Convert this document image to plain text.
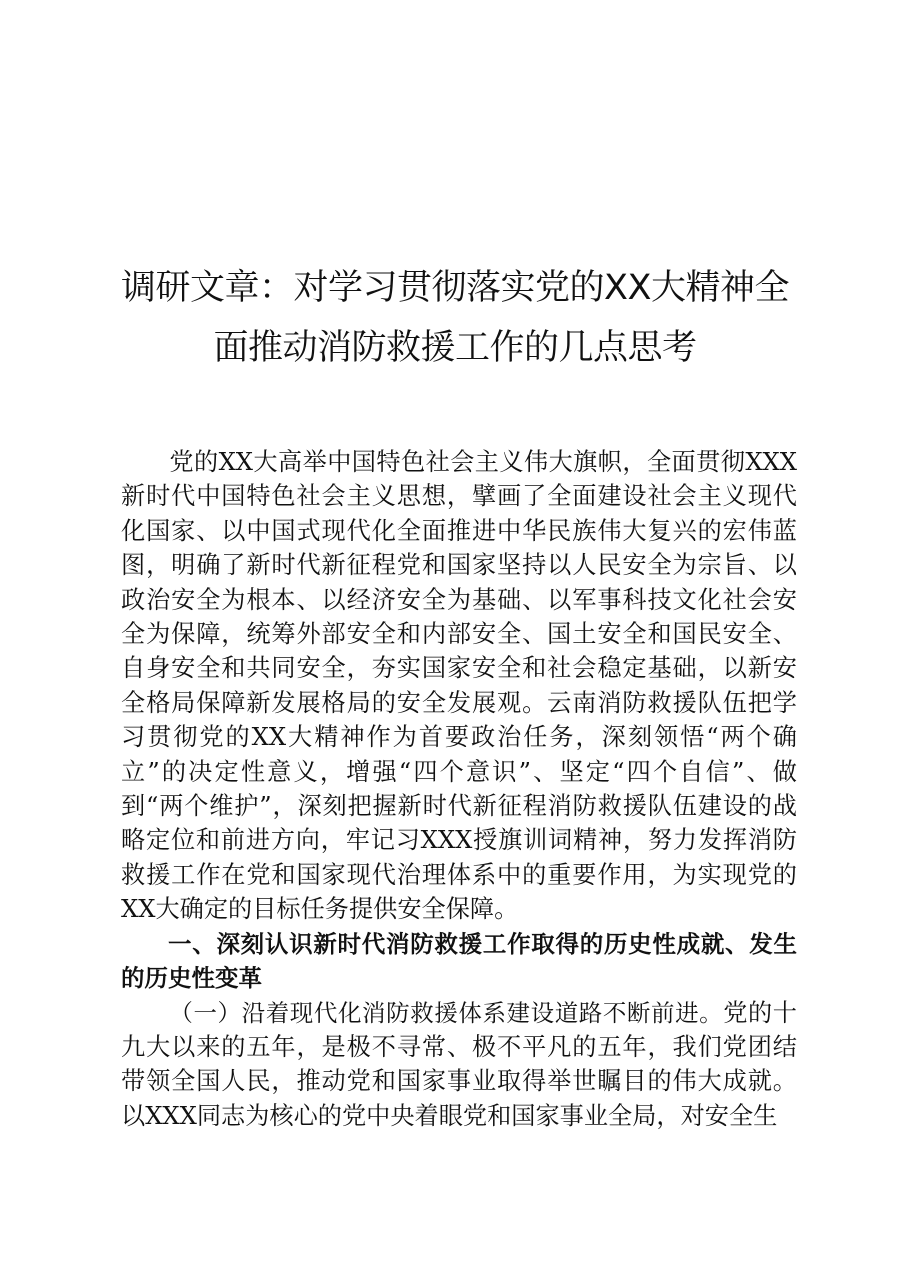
调研文章：对学习贯彻落实党的XX大精神全
面推动消防救援工作的几点思考

党的XX大高举中国特色社会主义伟大旗帜，全面贯彻XXX新时代中国特色社会主义思想，擘画了全面建设社会主义现代化国家、以中国式现代化全面推进中华民族伟大复兴的宏伟蓝图，明确了新时代新征程党和国家坚持以人民安全为宗旨、以政治安全为根本、以经济安全为基础、以军事科技文化社会安全为保障，统筹外部安全和内部安全、国土安全和国民安全、自身安全和共同安全，夯实国家安全和社会稳定基础，以新安全格局保障新发展格局的安全发展观。云南消防救援队伍把学习贯彻党的XX大精神作为首要政治任务，深刻领悟“两个确立”的决定性意义，增强“四个意识”、坚定“四个自信”、做到“两个维护”，深刻把握新时代新征程消防救援队伍建设的战略定位和前进方向，牢记习XXX授旗训词精神，努力发挥消防救援工作在党和国家现代治理体系中的重要作用，为实现党的XX大确定的目标任务提供安全保障。

一、深刻认识新时代消防救援工作取得的历史性成就、发生的历史性变革

（一）沿着现代化消防救援体系建设道路不断前进。党的十九大以来的五年，是极不寻常、极不平凡的五年，我们党团结带领全国人民，推动党和国家事业取得举世瞩目的伟大成就。以XXX同志为核心的党中央着眼党和国家事业全局，对安全生
